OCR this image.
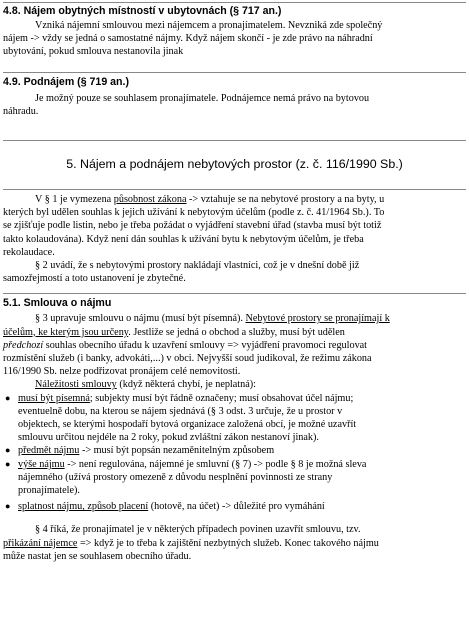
4.8. Nájem obytných místností v ubytovnách (§ 717 an.)
Vzniká nájemní smlouvou mezi nájemcem a pronajímatelem. Nevzniká zde společný
nájem -> vždy se jedná o samostatné nájmy. Když nájem skončí - je zde právo na náhradní
ubytování, pokud smlouva nestanovila jinak
4.9. Podnájem (§ 719 an.)
Je možný pouze se souhlasem pronajímatele. Podnájemce nemá právo na bytovou
náhradu.
5. Nájem a podnájem nebytových prostor (z. č. 116/1990 Sb.)
V § 1 je vymezena působnost zákona -> vztahuje se na nebytové prostory a na byty, u
kterých byl udělen souhlas k jejich užívání k nebytovým účelům (podle z. č. 41/1964 Sb.). To
se zjišťuje podle listin, nebo je třeba požádat o vyjádření stavební úřad (stavba musí být totiž
takto kolaudována). Když není dán souhlas k užívání bytu k nebytovým účelům, je třeba
rekolaudace.
§ 2 uvádí, že s nebytovými prostory nakládají vlastníci, což je v dnešní době již
samozřejmostí a toto ustanovení je zbytečné.
5.1. Smlouva o nájmu
§ 3 upravuje smlouvu o nájmu (musí být písemná). Nebytové prostory se pronajímají k
účelům, ke kterým jsou určeny. Jestliže se jedná o obchod a služby, musí být udělen
předchozí souhlas obecního úřadu k uzavření smlouvy => vyjádření pravomoci regulovat
rozmístění služeb (i banky, advokáti,...) v obci. Nejvyšší soud judikoval, že režimu zákona
116/1990 Sb. nelze podřizovat pronájem celé nemovitosti.
Náležitosti smlouvy (když některá chybí, je neplatná):
● musí být písemná; subjekty musí být řádně označeny; musí obsahovat účel nájmu;
eventuelně dobu, na kterou se nájem sjednává (§ 3 odst. 3 určuje, že u prostor v
objektech, se kterými hospodaří bytová organizace založená obcí, je možné uzavřít
smlouvu určitou nejdéle na 2 roky, pokud zvláštní zákon nestanoví jinak).
● předmět nájmu -> musí být popsán nezaměnitelným způsobem
● výše nájmu -> není regulována, nájemné je smluvní (§ 7) -> podle § 8 je možná sleva
nájemného (užívá prostory omezeně z důvodu nesplnění povinnosti ze strany
pronajímatele).
● splatnost nájmu, způsob placení (hotově, na účet) -> důležité pro vymáhání
§ 4 říká, že pronajímatel je v některých případech povinen uzavřít smlouvu, tzv.
přikázání nájemce => když je to třeba k zajištění nezbytných služeb. Konec takového nájmu
může nastat jen se souhlasem obecního úřadu.
